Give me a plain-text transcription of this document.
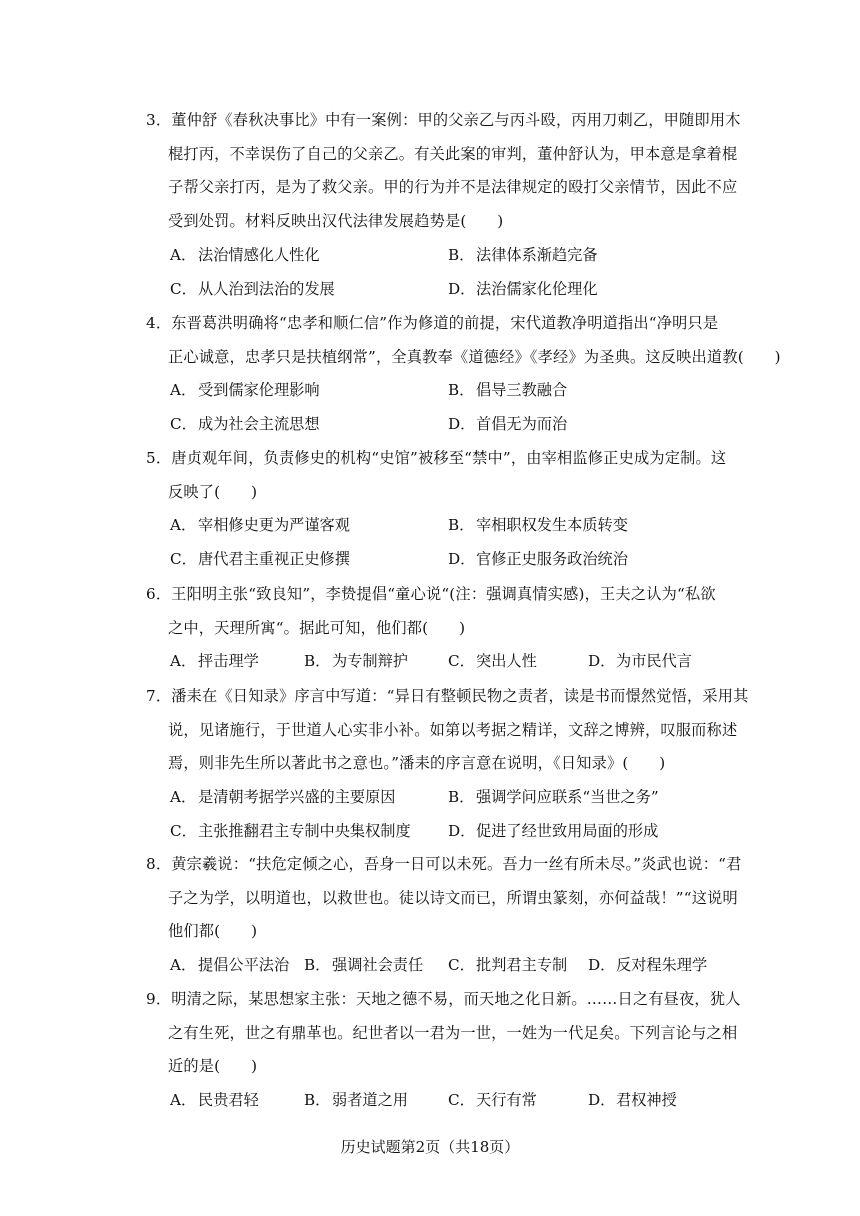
3．董仲舒《春秋决事比》中有一案例：甲的父亲乙与丙斗殴，丙用刀刺乙，甲随即用木
棍打丙，不幸误伤了自己的父亲乙。有关此案的审判，董仲舒认为，甲本意是拿着棍
子帮父亲打丙，是为了救父亲。甲的行为并不是法律规定的殴打父亲情节，因此不应
受到处罚。材料反映出汉代法律发展趋势是(　　)
A． 法治情感化人性化	B． 法律体系渐趋完备
C．从人治到法治的发展	D．法治儒家化伦理化
4．东晋葛洪明确将“忠孝和顺仁信”作为修道的前提，宋代道教净明道指出“净明只是
正心诚意，忠孝只是扶植纲常”，全真教奉《道德经》《孝经》为圣典。这反映出道教(　　)
A． 受到儒家伦理影响	B． 倡导三教融合
C．成为社会主流思想	D．首倡无为而治
5．唐贞观年间，负责修史的机构“史馆”被移至“禁中”，由宰相监修正史成为定制。这
反映了(　　)
A． 宰相修史更为严谨客观	B． 宰相职权发生本质转变
C．唐代君主重视正史修撰	D．官修正史服务政治统治
6．王阳明主张“致良知”，李贽提倡“童心说“(注：强调真情实感)，王夫之认为“私欲
之中，天理所寓“。据此可知，他们都(　　)
A． 抨击理学	B． 为专制辩护	C．突出人性	D．为市民代言
7．潘耒在《日知录》序言中写道：“异日有整顿民物之责者，读是书而憬然觉悟，采用其
说，见诸施行，于世道人心实非小补。如第以考据之精详，文辞之博辨，叹服而称述
焉，则非先生所以著此书之意也。”潘耒的序言意在说明，《日知录》(　　)
A． 是清朝考据学兴盛的主要原因	B． 强调学问应联系“当世之务”
C．主张推翻君主专制中央集权制度 D．促进了经世致用局面的形成
8．黄宗羲说：“扶危定倾之心，吾身一日可以未死。吾力一丝有所未尽。”炎武也说：“君
子之为学，以明道也，以救世也。徒以诗文而已，所谓虫篆刻，亦何益哉！”“这说明
他们都(　　)
A． 提倡公平法治 B． 强调社会责任 C．批判君主专制 D．反对程朱理学
9．明清之际，某思想家主张：天地之德不易，而天地之化日新。……日之有昼夜，犹人
之有生死，世之有鼎革也。纪世者以一君为一世，一姓为一代足矣。下列言论与之相
近的是(　　)
A． 民贵君轻	B． 弱者道之用	C．天行有常	D．君权神授
历史试题第2页（共18页）
